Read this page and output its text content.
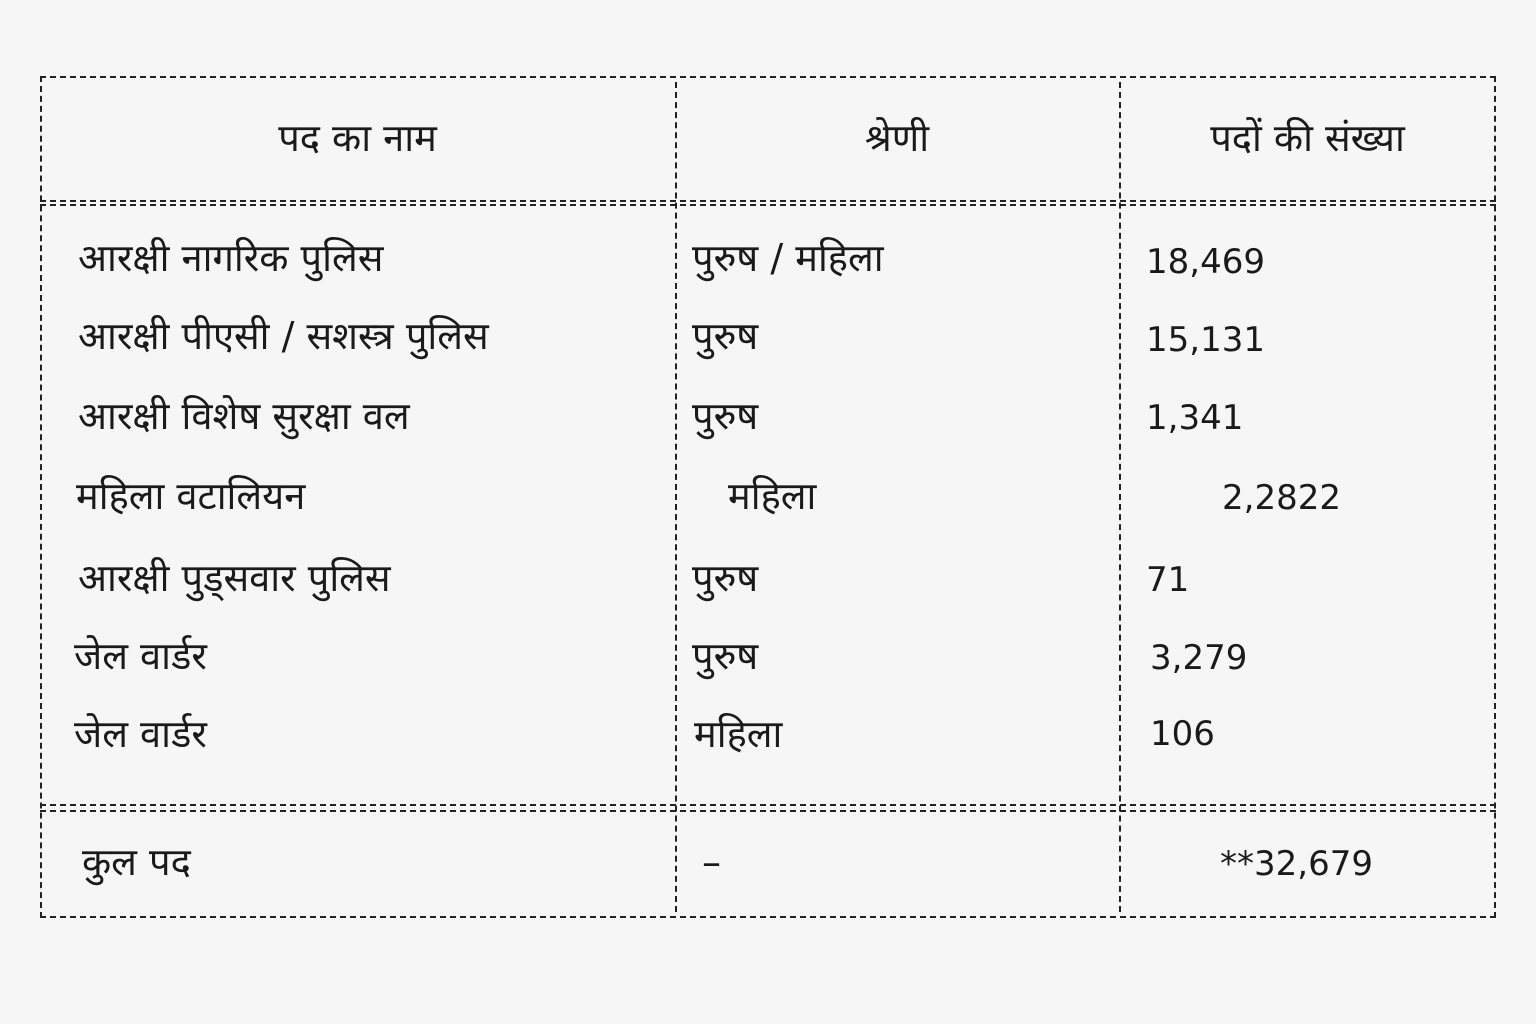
पद का नाम	श्रेणी	पदों की संख्या
आरक्षी नागरिक पुलिस	पुरुष / महिला	18,469
आरक्षी पीएसी / सशस्त्र पुलिस	पुरुष	15,131
आरक्षी विशेष सुरक्षा वल	पुरुष	1,341
महिला वटालियन	महिला	2,2822
आरक्षी पुड्सवार पुलिस	पुरुष	71
जेल वार्डर	पुरुष	3,279
जेल वार्डर	महिला	106
कुल पद	–	**32,679
